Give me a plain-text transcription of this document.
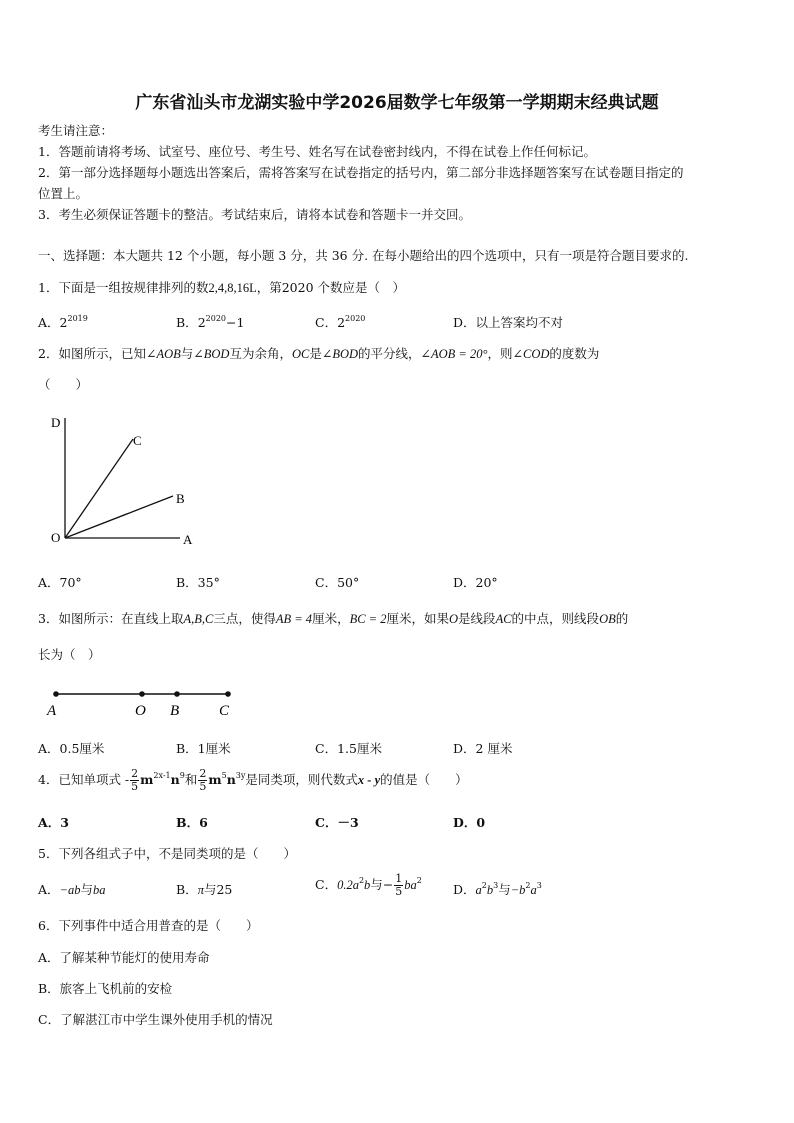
广东省汕头市龙湖实验中学2026届数学七年级第一学期期末经典试题
考生请注意：
1．答题前请将考场、试室号、座位号、考生号、姓名写在试卷密封线内，不得在试卷上作任何标记。
2．第一部分选择题每小题选出答案后，需将答案写在试卷指定的括号内，第二部分非选择题答案写在试卷题目指定的
位置上。
3．考生必须保证答题卡的整洁。考试结束后，请将本试卷和答题卡一并交回。
一、选择题：本大题共 12 个小题，每小题 3 分，共 36 分. 在每小题给出的四个选项中，只有一项是符合题目要求的.
1．下面是一组按规律排列的数2,4,8,16L，第2020 个数应是（　）
A．$2^{2019}$	B．$2^{2020}-1$	C．$2^{2020}$	D．以上答案均不对
2．如图所示，已知∠AOB与∠BOD互为余角，OC是∠BOD的平分线，∠AOB = 20°，则∠COD的度数为
（　　）
D
C
B
O	A
A．70°	B．35°	C．50°	D．20°
3．如图所示：在直线上取A,B,C三点，使得AB = 4厘米，BC = 2厘米，如果O是线段AC的中点，则线段OB的
长为（　）
A	O B	C
A．0.5厘米	B．1厘米	C．1.5厘米	D．2 厘米
4．已知单项式 - $\frac{2}{5} m^{2x-1}n^9$和 $\frac{2}{5} m^5n^{3y}$是同类项，则代数式x - y的值是（　　）
A．3	B．6	C．－3	D．0
5．下列各组式子中，不是同类项的是（　　）
A．−ab与ba	B．π与25	C．$0.2a^2b$与− $\frac{1}{5} ba^2$
D．$a^2b^3$与$-b^2a^3$
6．下列事件中适合用普查的是（　　）
A．了解某种节能灯的使用寿命
B．旅客上飞机前的安检
C．了解湛江市中学生课外使用手机的情况
